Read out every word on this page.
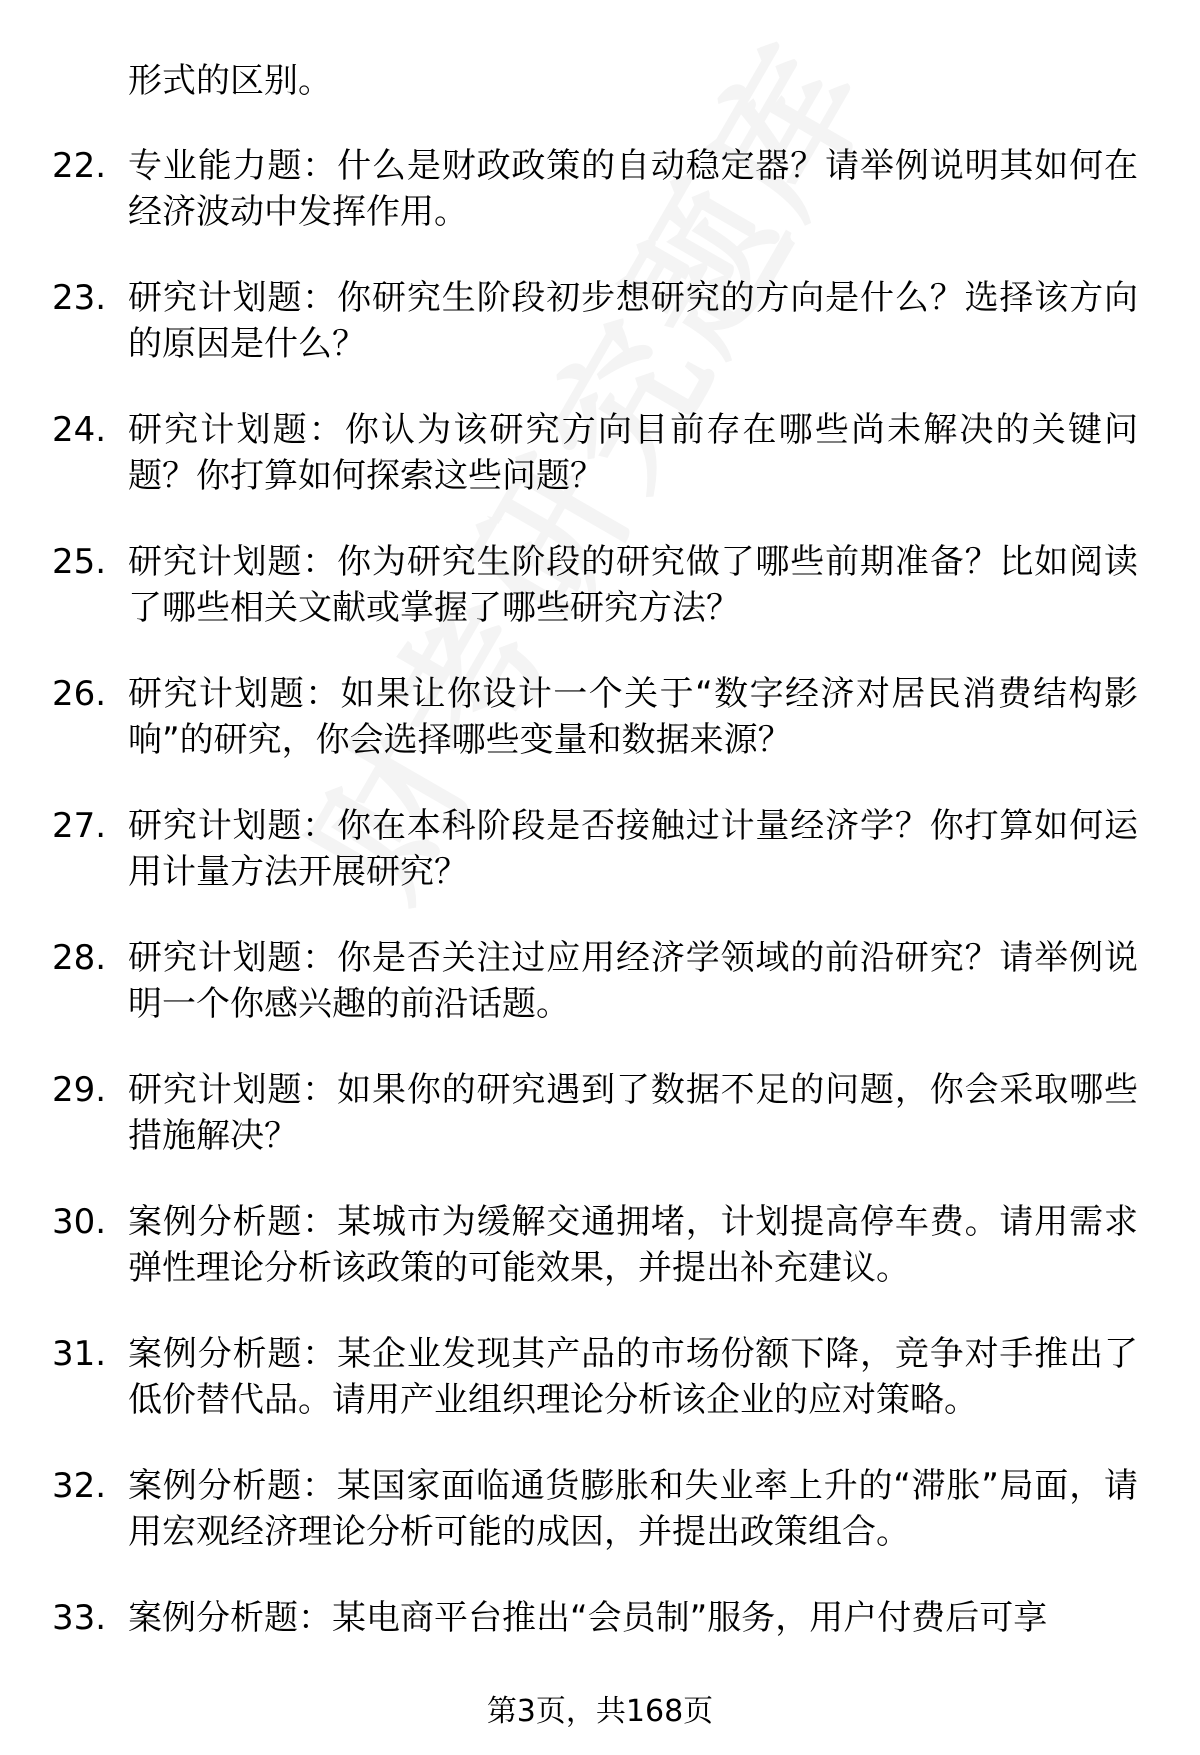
形式的区别。

22. 专业能力题：什么是财政政策的自动稳定器？请举例说明其如何在经济波动中发挥作用。
23. 研究计划题：你研究生阶段初步想研究的方向是什么？选择该方向的原因是什么？
24. 研究计划题：你认为该研究方向目前存在哪些尚未解决的关键问题？你打算如何探索这些问题？
25. 研究计划题：你为研究生阶段的研究做了哪些前期准备？比如阅读了哪些相关文献或掌握了哪些研究方法？
26. 研究计划题：如果让你设计一个关于“数字经济对居民消费结构影响”的研究，你会选择哪些变量和数据来源？
27. 研究计划题：你在本科阶段是否接触过计量经济学？你打算如何运用计量方法开展研究？
28. 研究计划题：你是否关注过应用经济学领域的前沿研究？请举例说明一个你感兴趣的前沿话题。
29. 研究计划题：如果你的研究遇到了数据不足的问题，你会采取哪些措施解决？
30. 案例分析题：某城市为缓解交通拥堵，计划提高停车费。请用需求弹性理论分析该政策的可能效果，并提出补充建议。
31. 案例分析题：某企业发现其产品的市场份额下降，竞争对手推出了低价替代品。请用产业组织理论分析该企业的应对策略。
32. 案例分析题：某国家面临通货膨胀和失业率上升的“滞胀”局面，请用宏观经济理论分析可能的成因，并提出政策组合。
33. 案例分析题：某电商平台推出“会员制”服务，用户付费后可享
第3页，共168页
